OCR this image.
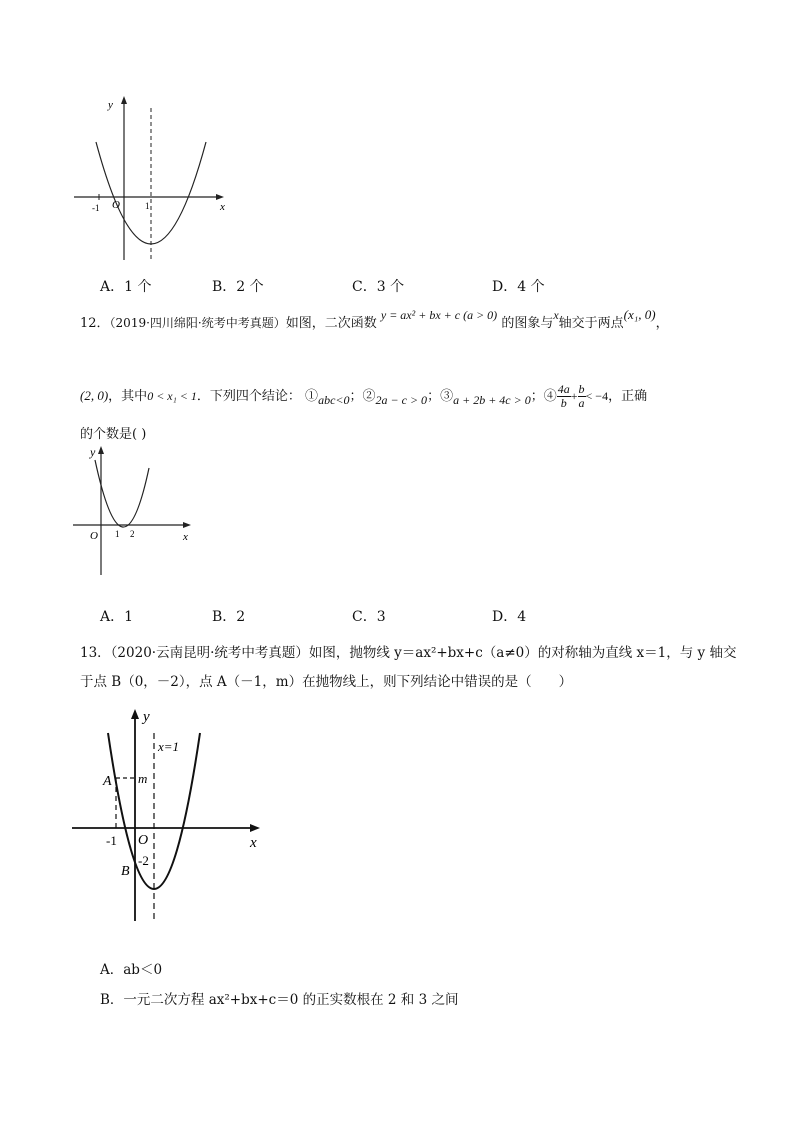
y
x
O
-1	1
A．1 个	B．2 个	C．3 个	D．4 个
12．（2019·四川绵阳·统考中考真题）如图，二次函数 y = ax² + bx + c (a > 0) 的图象与x轴交于两点(x₁, 0)，
(2, 0)，其中0 < x₁ < 1．下列四个结论： ①abc<0；②2a − c > 0；③a + 2b + 4c > 0；④ $\frac{4a}{b} + \frac{b}{a} < -4$，正确
的个数是( )
y
x
O 1 2
A．1	B．2	C．3	D．4
13．（2020·云南昆明·统考中考真题）如图，抛物线 y＝ax²+bx+c（a≠0）的对称轴为直线 x＝1，与 y 轴交
于点 B（0，－2），点 A（－1，m）在抛物线上，则下列结论中错误的是（　　）
y
x
x=1
A m
-1 O
-2
B
A．ab＜0
B．一元二次方程 ax²+bx+c＝0 的正实数根在 2 和 3 之间
